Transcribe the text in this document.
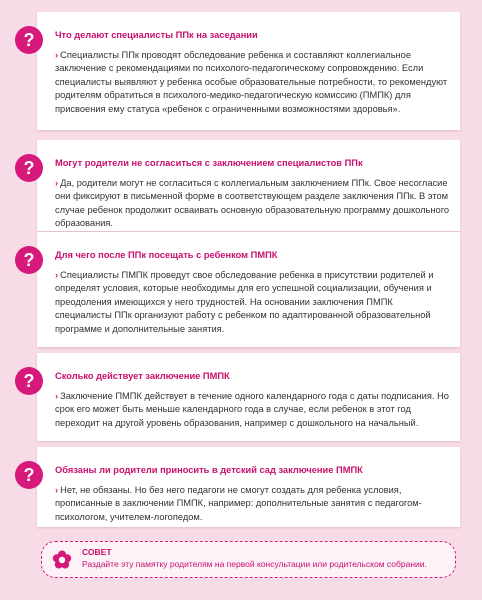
?	Что делают специалисты ППк на заседании
› Специалисты ППк проводят обследование ребенка и составляют коллегиальное заключение с рекомендациями по психолого-педагогическому сопровождению. Если специалисты выявляют у ребенка особые образовательные потребности, то рекомендуют родителям обратиться в психолого-медико-педагогическую комиссию (ПМПК) для присвоения ему статуса «ребенок с ограниченными возможностями здоровья».
?	Могут родители не согласиться с заключением специалистов ППк
› Да, родители могут не согласиться с коллегиальным заключением ППк. Свое несогласие они фиксируют в письменной форме в соответствующем разделе заключения ППк. В этом случае ребенок продолжит осваивать основную образовательную программу дошкольного образования.
?	Для чего после ППк посещать с ребенком ПМПК
› Специалисты ПМПК проведут свое обследование ребенка в присутствии родителей и определят условия, которые необходимы для его успешной социализации, обучения и преодоления имеющихся у него трудностей. На основании заключения ПМПК специалисты ППк организуют работу с ребенком по адаптированной образовательной программе и дополнительные занятия.
?	Сколько действует заключение ПМПК
› Заключение ПМПК действует в течение одного календарного года с даты подписания. Но срок его может быть меньше календарного года в случае, если ребенок в этот год переходит на другой уровень образования, например с дошкольного на начальный.
?	Обязаны ли родители приносить в детский сад заключение ПМПК
› Нет, не обязаны. Но без него педагоги не смогут создать для ребенка условия, прописанные в заключении ПМПК, например: дополнительные занятия с педагогом-психологом, учителем-логопедом.
СОВЕТ
Раздайте эту памятку родителям на первой консультации или родительском собрании.
